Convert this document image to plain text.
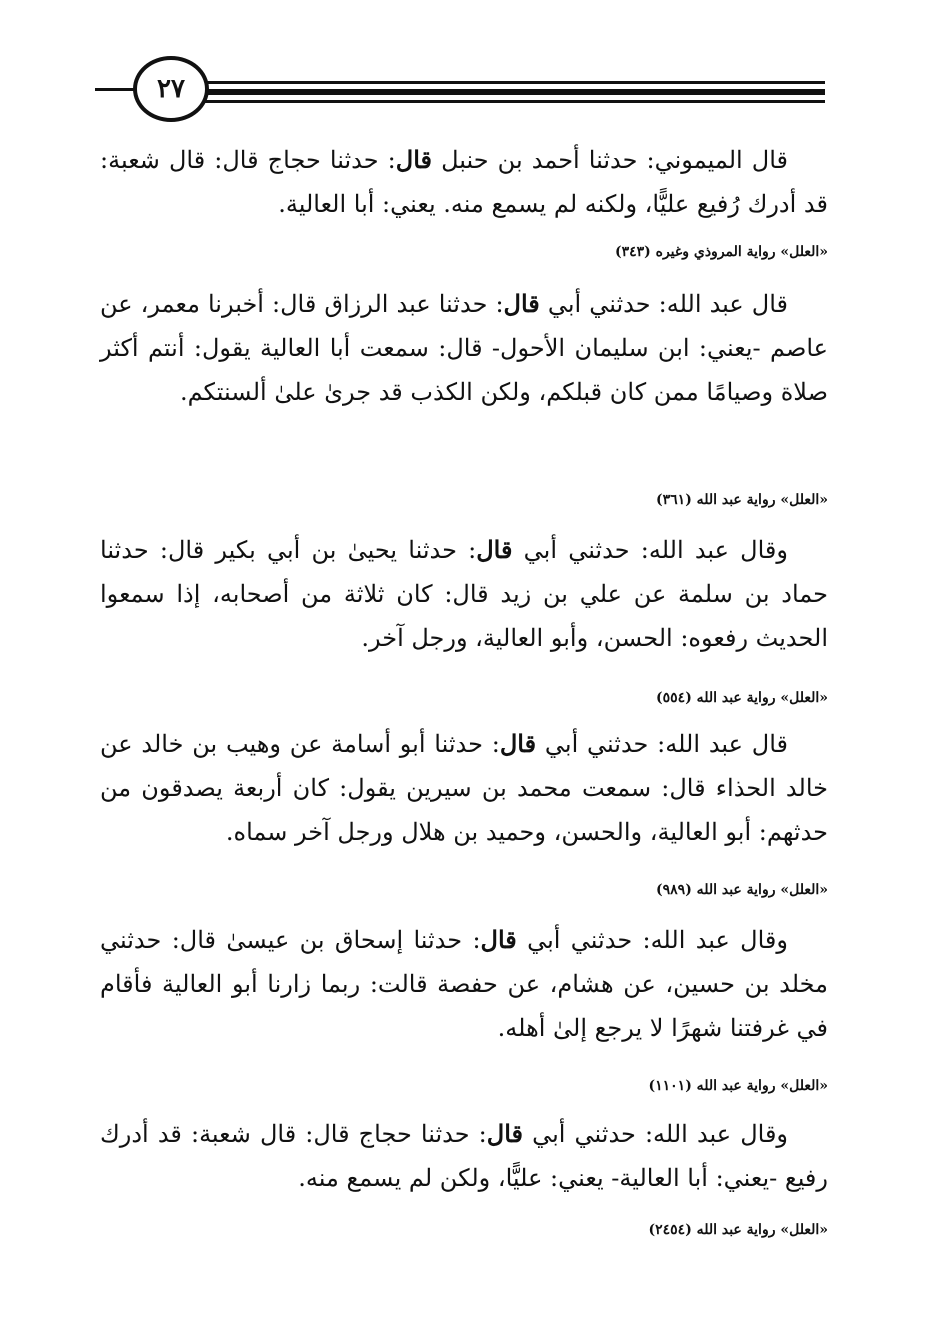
٢٧
قال الميموني: حدثنا أحمد بن حنبل قال: حدثنا حجاج قال: قال شعبة: قد أدرك رُفيع عليًّا، ولكنه لم يسمع منه. يعني: أبا العالية.
«العلل» رواية المروذي وغيره (٣٤٣)
قال عبد الله: حدثني أبي قال: حدثنا عبد الرزاق قال: أخبرنا معمر، عن عاصم -يعني: ابن سليمان الأحول- قال: سمعت أبا العالية يقول: أنتم أكثر صلاة وصيامًا ممن كان قبلكم، ولكن الكذب قد جرىٰ علىٰ ألسنتكم.
«العلل» رواية عبد الله (٣٦١)
وقال عبد الله: حدثني أبي قال: حدثنا يحيىٰ بن أبي بكير قال: حدثنا حماد بن سلمة عن علي بن زيد قال: كان ثلاثة من أصحابه، إذا سمعوا الحديث رفعوه: الحسن، وأبو العالية، ورجل آخر.
«العلل» رواية عبد الله (٥٥٤)
قال عبد الله: حدثني أبي قال: حدثنا أبو أسامة عن وهيب بن خالد عن خالد الحذاء قال: سمعت محمد بن سيرين يقول: كان أربعة يصدقون من حدثهم: أبو العالية، والحسن، وحميد بن هلال ورجل آخر سماه.
«العلل» رواية عبد الله (٩٨٩)
وقال عبد الله: حدثني أبي قال: حدثنا إسحاق بن عيسىٰ قال: حدثني مخلد بن حسين، عن هشام، عن حفصة قالت: ربما زارنا أبو العالية فأقام في غرفتنا شهرًا لا يرجع إلىٰ أهله.
«العلل» رواية عبد الله (١١٠١)
وقال عبد الله: حدثني أبي قال: حدثنا حجاج قال: قال شعبة: قد أدرك رفيع -يعني: أبا العالية- يعني: عليًّا، ولكن لم يسمع منه.
«العلل» رواية عبد الله (٢٤٥٤)
